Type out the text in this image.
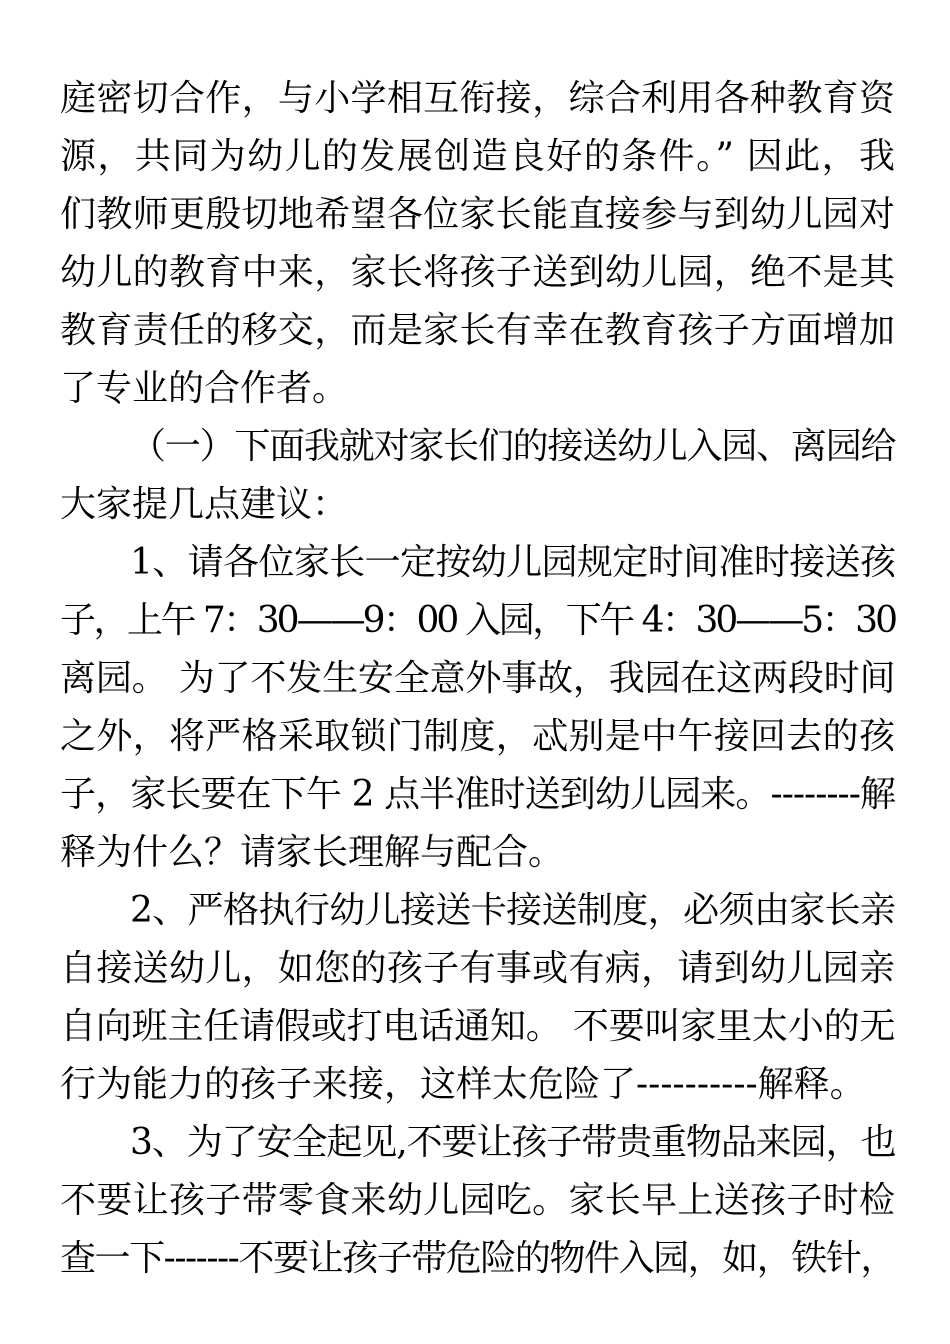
庭密切合作，与小学相互衔接，综合利用各种教育资
源，共同为幼儿的发展创造良好的条件。” 因此，我
们教师更殷切地希望各位家长能直接参与到幼儿园对
幼儿的教育中来，家长将孩子送到幼儿园，绝不是其
教育责任的移交，而是家长有幸在教育孩子方面增加
了专业的合作者。
（一）下面我就对家长们的接送幼儿入园、离园给
大家提几点建议：
1、请各位家长一定按幼儿园规定时间准时接送孩
子，上午 7：30——9：00 入园，下午 4：30——5：30
离园。 为了不发生安全意外事故，我园在这两段时间
之外，将严格采取锁门制度，忒别是中午接回去的孩
子，家长要在下午 2 点半准时送到幼儿园来。--------解
释为什么？请家长理解与配合。
2、严格执行幼儿接送卡接送制度，必须由家长亲
自接送幼儿，如您的孩子有事或有病，请到幼儿园亲
自向班主任请假或打电话通知。 不要叫家里太小的无
行为能力的孩子来接，这样太危险了----------解释。
3、为了安全起见,不要让孩子带贵重物品来园，也
不要让孩子带零食来幼儿园吃。家长早上送孩子时检
查一下-------不要让孩子带危险的物件入园，如，铁针，
